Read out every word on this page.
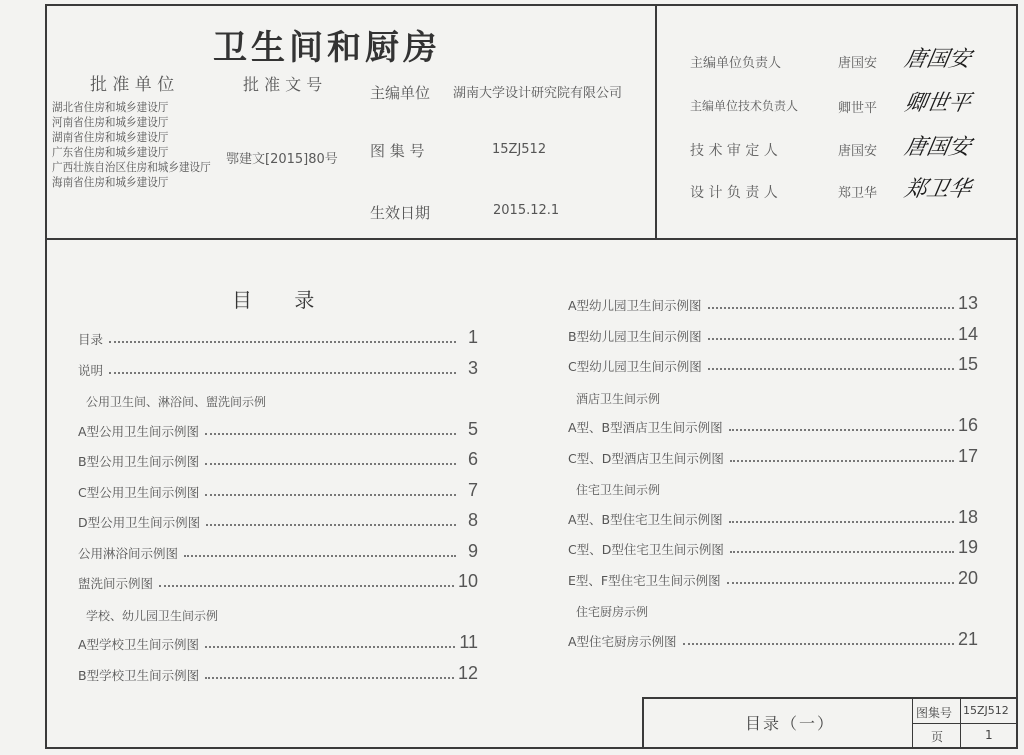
卫生间和厨房
批 准 单 位	批 准 文 号
湖北省住房和城乡建设厅
河南省住房和城乡建设厅
湖南省住房和城乡建设厅
广东省住房和城乡建设厅
广西壮族自治区住房和城乡建设厅
海南省住房和城乡建设厅
鄂建文[2015]80号
主编单位 湖南大学设计研究院有限公司
图 集 号	15ZJ512
生效日期	2015.12.1
主编单位负责人	唐国安 唐国安
主编单位技术负责人	卿世平 卿世平
技 术 审 定 人	唐国安 唐国安
设 计 负 责 人	郑卫华 郑卫华
目 录
目录	1
说明	3
公用卫生间、淋浴间、盥洗间示例
A型公用卫生间示例图	5
B型公用卫生间示例图	6
C型公用卫生间示例图	7
D型公用卫生间示例图	8
公用淋浴间示例图	9
盥洗间示例图	10
学校、幼儿园卫生间示例
A型学校卫生间示例图	11
B型学校卫生间示例图	12
A型幼儿园卫生间示例图	13
B型幼儿园卫生间示例图	14
C型幼儿园卫生间示例图	15
酒店卫生间示例
A型、B型酒店卫生间示例图	16
C型、D型酒店卫生间示例图	17
住宅卫生间示例
A型、B型住宅卫生间示例图	18
C型、D型住宅卫生间示例图	19
E型、F型住宅卫生间示例图	20
住宅厨房示例
A型住宅厨房示例图	21
目录（一）
图集号 15ZJ512
页	1
